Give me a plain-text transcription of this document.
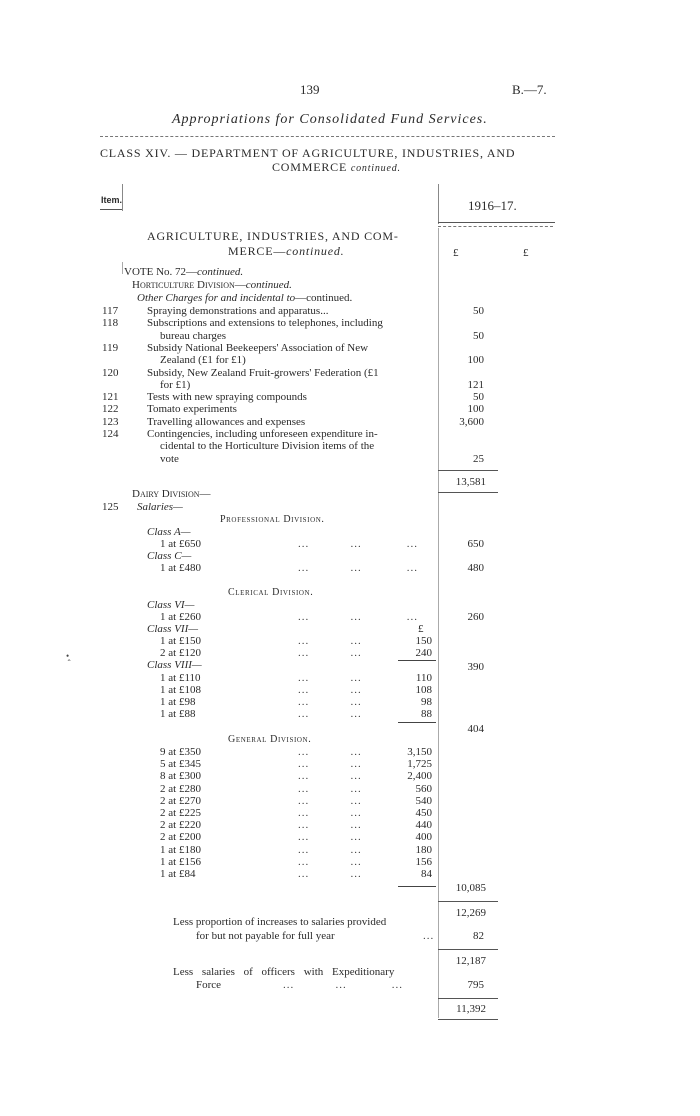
139	B.—7.
Appropriations for Consolidated Fund Services.
CLASS XIV. — DEPARTMENT OF AGRICULTURE, INDUSTRIES, AND
COMMERCE continued.
Item.	1916–17.
AGRICULTURE, INDUSTRIES, AND COM-
MERCE—continued.	£	£
VOTE No. 72—continued.
Horticulture Division—continued.
Other Charges for and incidental to—continued.
117	Spraying demonstrations and apparatus...	50
118	Subscriptions and extensions to telephones, including
bureau charges	50
119	Subsidy National Beekeepers' Association of New
Zealand (£1 for £1)	100
120	Subsidy, New Zealand Fruit-growers' Federation (£1
for £1)	121
121	Tests with new spraying compounds	50
122	Tomato experiments	100
123	Travelling allowances and expenses	3,600
124	Contingencies, including unforeseen expenditure in-
cidental to the Horticulture Division items of the
vote	25
13,581
Dairy Division—
125 Salaries—
Professional Division.
Class A—
1 at £650	...           ...            ...	650
Class C—
1 at £480	...           ...            ...	480
Clerical Division.
Class VI—
1 at £260	...           ...            ...	260
Class VII—	£
1 at £150	...           ...	150
2 at £120	...           ...	240
Class VIII—	390
1 at £110	...           ...	110
1 at £108	...           ...	108
1 at £98	...           ...	98
1 at £88	...           ...	88
404
General Division.
9 at £350	...           ...	3,150
5 at £345	...           ...	1,725
8 at £300	...           ...	2,400
2 at £280	...           ...	560
2 at £270	...           ...	540
2 at £225	...           ...	450
2 at £220	...           ...	440
2 at £200	...           ...	400
1 at £180	...           ...	180
1 at £156	...           ...	156
1 at £84	...           ...	84
10,085
12,269
Less proportion of increases to salaries provided
for but not payable for full year	...	82
12,187
Less salaries of officers with Expeditionary
Force	...           ...            ...	795
11,392
•̭
